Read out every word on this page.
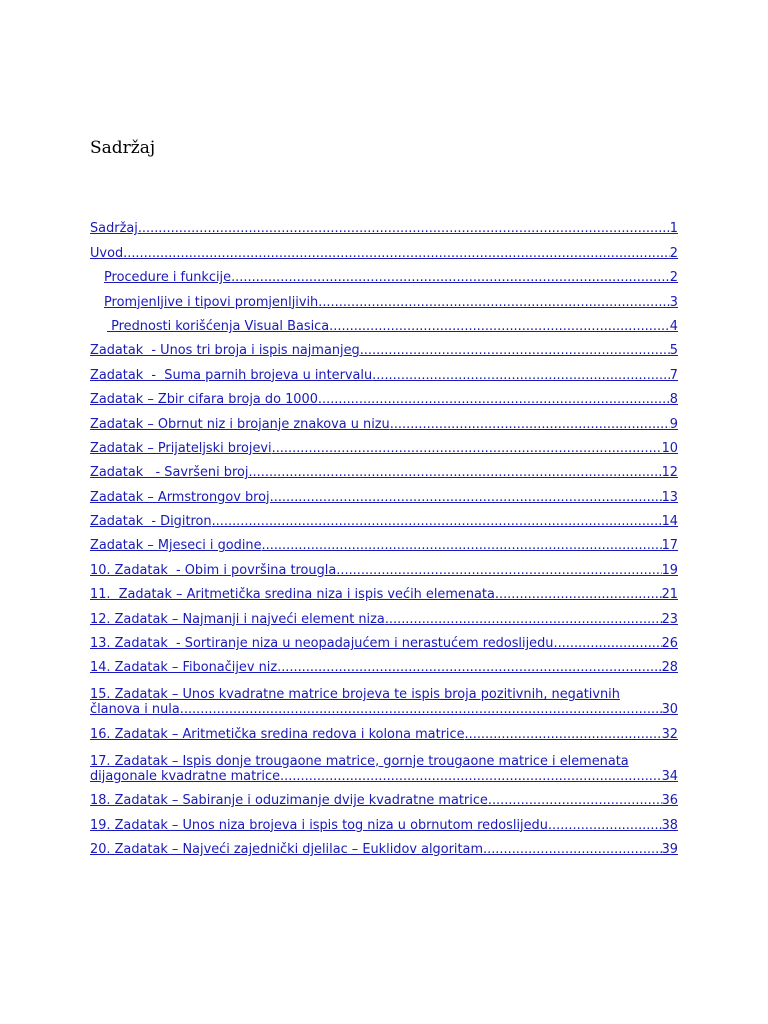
Sadržaj
Sadržaj .....	1
Uvod .....	2
Procedure i funkcije .....	2
Promjenljive i tipovi promjenljivih .....	3
Prednosti korišćenja Visual Basica .....	4
Zadatak  - Unos tri broja i ispis najmanjeg .....	5
Zadatak  -  Suma parnih brojeva u intervalu .....	7
Zadatak – Zbir cifara broja do 1000 .....	8
Zadatak – Obrnut niz i brojanje znakova u nizu .....	9
Zadatak – Prijateljski brojevi .....	10
Zadatak   - Savršeni broj .....	12
Zadatak – Armstrongov broj .....	13
Zadatak  - Digitron .....	14
Zadatak – Mjeseci i godine .....	17
10. Zadatak  - Obim i površina trougla .....	19
11.  Zadatak – Aritmetička sredina niza i ispis većih elemenata .....	21
12. Zadatak – Najmanji i najveći element niza .....	23
13. Zadatak  - Sortiranje niza u neopadajućem i nerastućem redoslijedu .....	26
14. Zadatak – Fibonačijev niz .....	28
15. Zadatak – Unos kvadratne matrice brojeva te ispis broja pozitivnih, negativnih
članova i nula .....	30
16. Zadatak – Aritmetička sredina redova i kolona matrice .....	32
17. Zadatak – Ispis donje trougaone matrice, gornje trougaone matrice i elemenata
dijagonale kvadratne matrice .....	34
18. Zadatak – Sabiranje i oduzimanje dvije kvadratne matrice .....	36
19. Zadatak – Unos niza brojeva i ispis tog niza u obrnutom redoslijedu .....	38
20. Zadatak – Najveći zajednički djelilac – Euklidov algoritam .....	39
